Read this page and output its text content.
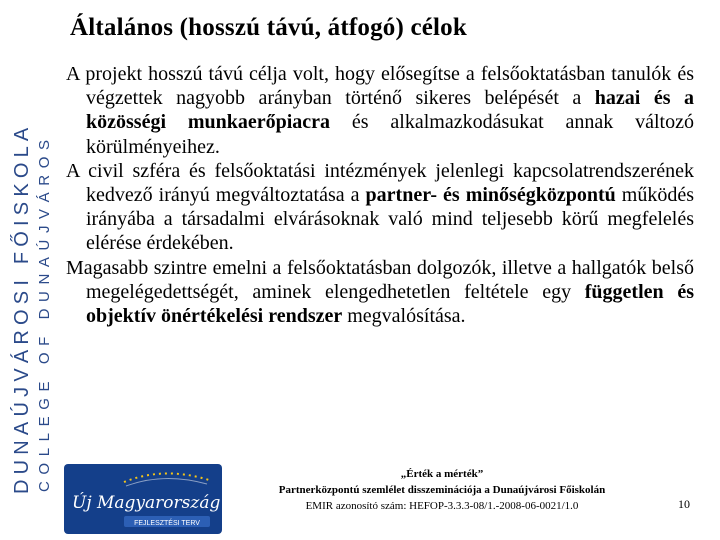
DUNAÚJVÁROSI FŐISKOLA COLLEGE OF DUNAÚJVÁROS
Általános (hosszú távú, átfogó) célok

A projekt hosszú távú célja volt, hogy elősegítse a felsőoktatásban tanulók és végzettek nagyobb arányban történő sikeres belépését a hazai és a közösségi munkaerőpiacra és alkalmazkodásukat annak változó körülményeihez.

A civil szféra és felsőoktatási intézmények jelenlegi kapcsolatrendszerének kedvező irányú megváltoztatása a partner- és minőségközpontú működés irányába a társadalmi elvárásoknak való mind teljesebb körű megfelelés elérése érdekében.

Magasabb szintre emelni a felsőoktatásban dolgozók, illetve a hallgatók belső megelégedettségét, aminek elengedhetetlen feltétele egy független és objektív önértékelési rendszer megvalósítása.

Új Magyarország
FEJLESZTÉSI TERV
„Érték a mérték”
Partnerközpontú szemlélet disszeminációja a Dunaújvárosi Főiskolán
EMIR azonosító szám: HEFOP-3.3.3-08/1.-2008-06-0021/1.0	10
